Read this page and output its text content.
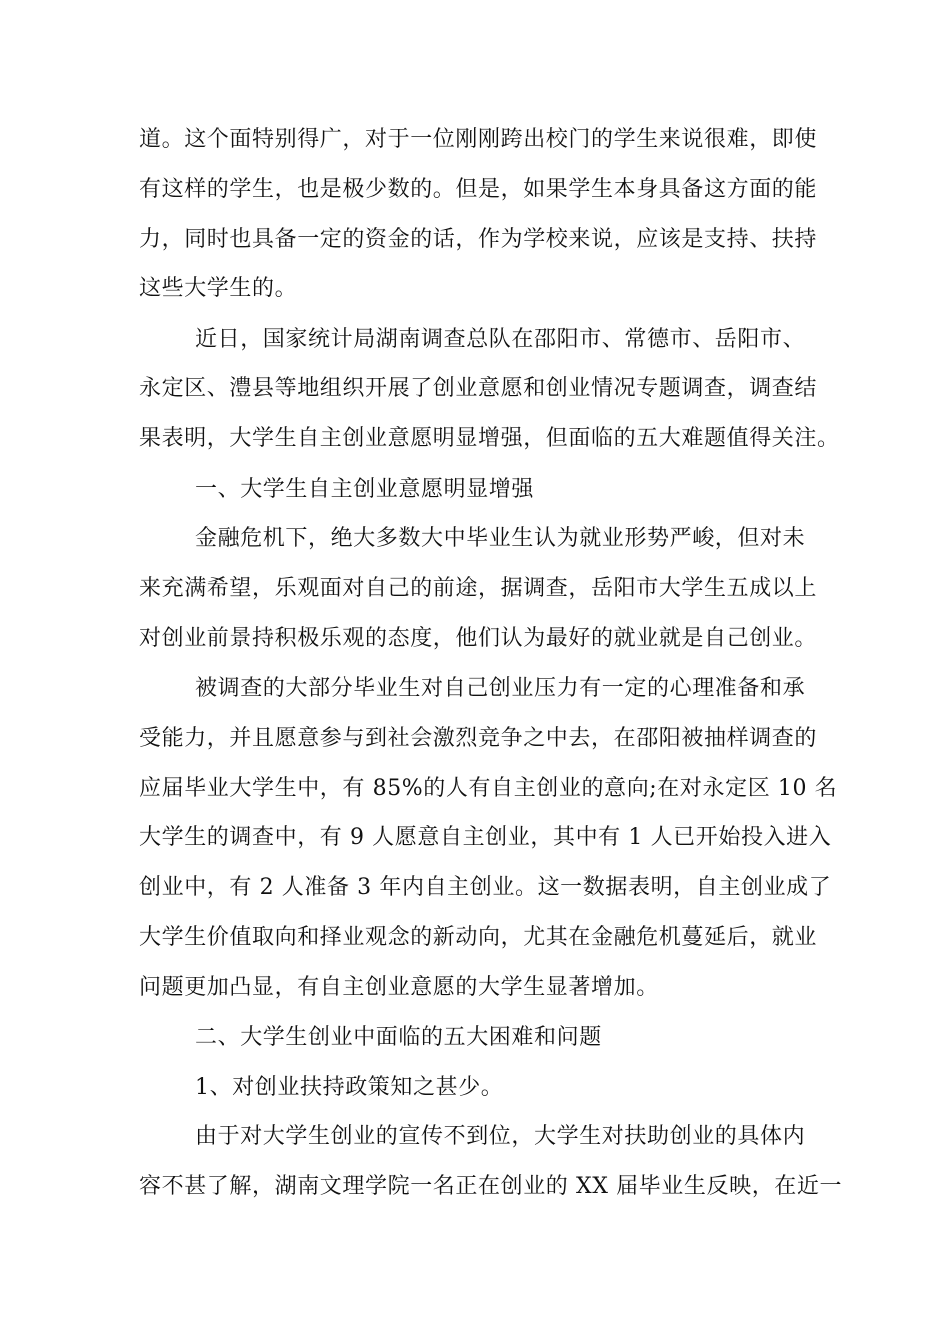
道。这个面特别得广，对于一位刚刚跨出校门的学生来说很难，即使
有这样的学生，也是极少数的。但是，如果学生本身具备这方面的能
力，同时也具备一定的资金的话，作为学校来说，应该是支持、扶持
这些大学生的。
近日，国家统计局湖南调查总队在邵阳市、常德市、岳阳市、
永定区、澧县等地组织开展了创业意愿和创业情况专题调查，调查结
果表明，大学生自主创业意愿明显增强，但面临的五大难题值得关注。
一、大学生自主创业意愿明显增强
金融危机下，绝大多数大中毕业生认为就业形势严峻，但对未
来充满希望，乐观面对自己的前途，据调查，岳阳市大学生五成以上
对创业前景持积极乐观的态度，他们认为最好的就业就是自己创业。
被调查的大部分毕业生对自己创业压力有一定的心理准备和承
受能力，并且愿意参与到社会激烈竞争之中去，在邵阳被抽样调查的
应届毕业大学生中，有 85%的人有自主创业的意向;在对永定区 10 名
大学生的调查中，有 9 人愿意自主创业，其中有 1 人已开始投入进入
创业中，有 2 人准备 3 年内自主创业。这一数据表明，自主创业成了
大学生价值取向和择业观念的新动向，尤其在金融危机蔓延后，就业
问题更加凸显，有自主创业意愿的大学生显著增加。
二、大学生创业中面临的五大困难和问题
1、对创业扶持政策知之甚少。
由于对大学生创业的宣传不到位，大学生对扶助创业的具体内
容不甚了解，湖南文理学院一名正在创业的 XX 届毕业生反映，在近一
